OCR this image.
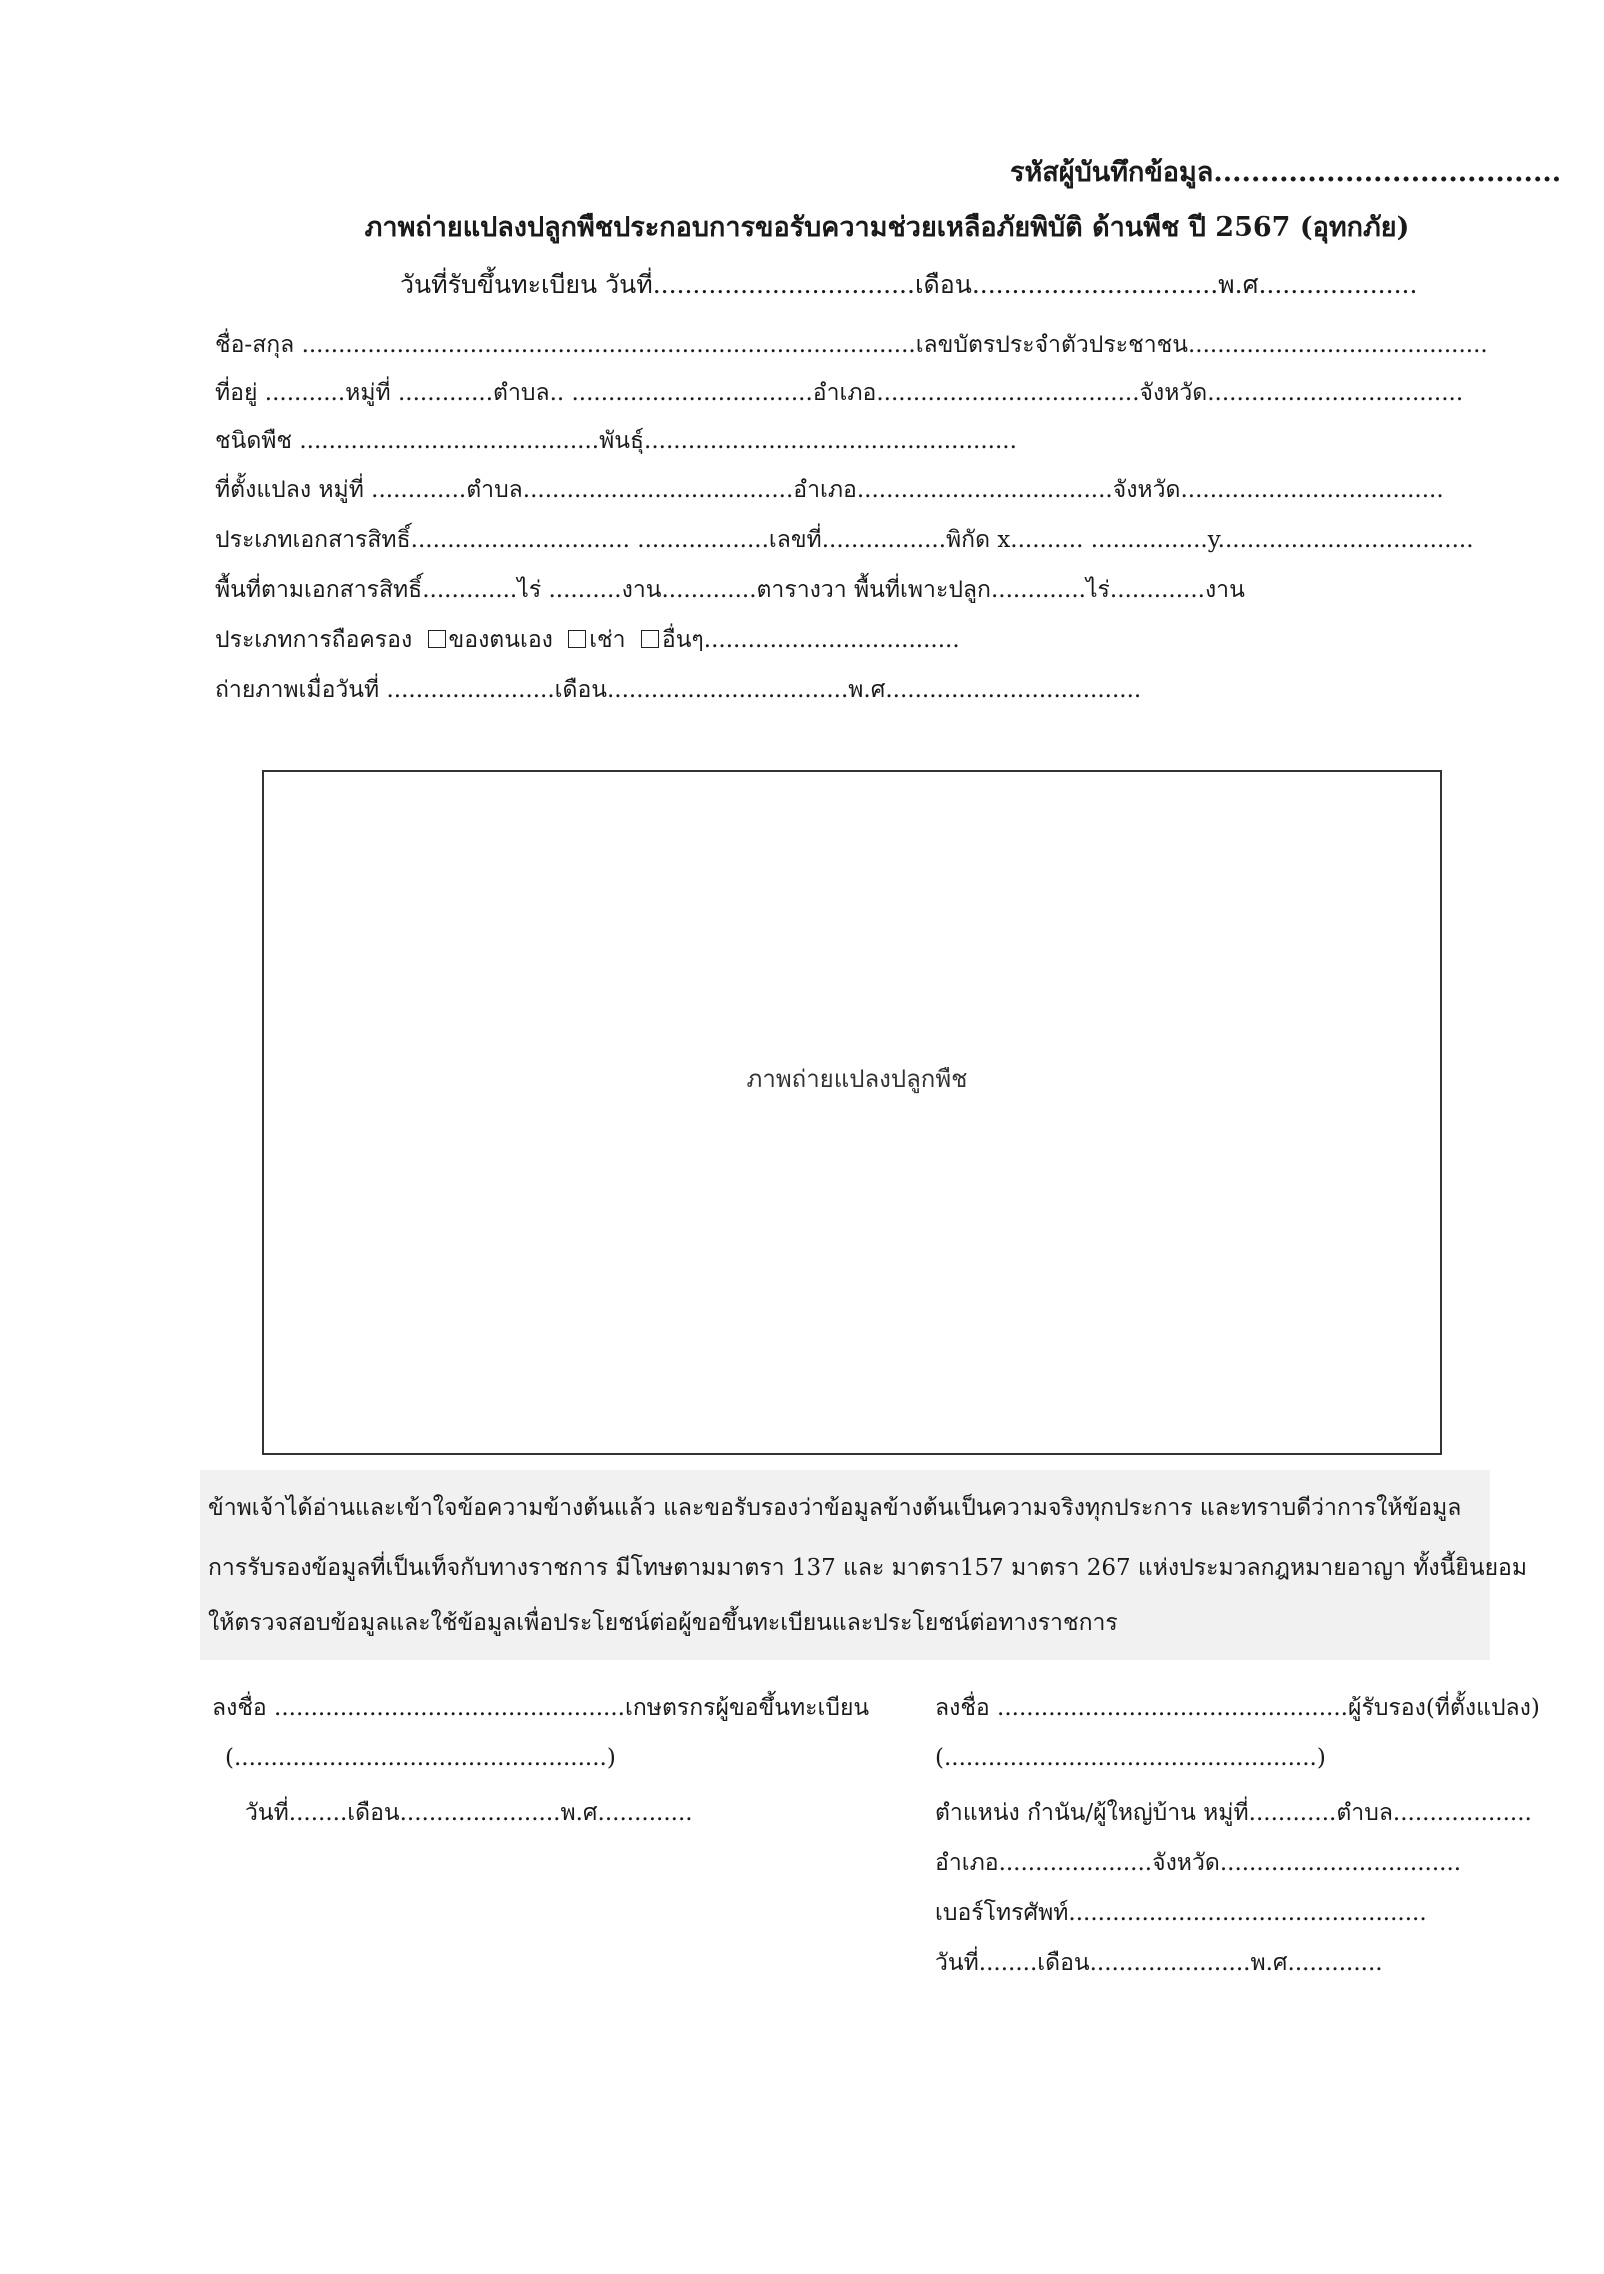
รหัสผู้บันทึกข้อมูล.....................................
ภาพถ่ายแปลงปลูกพืชประกอบการขอรับความช่วยเหลือภัยพิบัติ ด้านพืช ปี 2567 (อุทกภัย)
วันที่รับขึ้นทะเบียน วันที่.................................เดือน...............................พ.ศ....................
ชื่อ-สกุล ....................................................................................เลขบัตรประจำตัวประชาชน.........................................
ที่อยู่ ...........หมู่ที่ .............ตำบล.. .................................อำเภอ....................................จังหวัด...................................
ชนิดพืช .........................................พันธุ์...................................................
ที่ตั้งแปลง หมู่ที่ .............ตำบล.....................................อำเภอ...................................จังหวัด....................................
ประเภทเอกสารสิทธิ์.............................. ..................เลขที่.................พิกัด x.......... ................y...................................
พื้นที่ตามเอกสารสิทธิ์.............ไร่ ..........งาน.............ตารางวา พื้นที่เพาะปลูก.............ไร่.............งาน
ประเภทการถือครอง ของตนเอง เช่า อื่นๆ...................................
ถ่ายภาพเมื่อวันที่ .......................เดือน.................................พ.ศ...................................
ภาพถ่ายแปลงปลูกพืช
ข้าพเจ้าได้อ่านและเข้าใจข้อความข้างต้นแล้ว และขอรับรองว่าข้อมูลข้างต้นเป็นความจริงทุกประการ และทราบดีว่าการให้ข้อมูล
การรับรองข้อมูลที่เป็นเท็จกับทางราชการ มีโทษตามมาตรา 137 และ มาตรา157 มาตรา 267 แห่งประมวลกฎหมายอาญา ทั้งนี้ยินยอม
ให้ตรวจสอบข้อมูลและใช้ข้อมูลเพื่อประโยชน์ต่อผู้ขอขึ้นทะเบียนและประโยชน์ต่อทางราชการ
ลงชื่อ ................................................เกษตรกรผู้ขอขึ้นทะเบียน
(...................................................)
วันที่........เดือน......................พ.ศ.............
ลงชื่อ ................................................ผู้รับรอง(ที่ตั้งแปลง)
(...................................................)
ตำแหน่ง กำนัน/ผู้ใหญ่บ้าน หมู่ที่............ตำบล...................
อำเภอ.....................จังหวัด.................................
เบอร์โทรศัพท์.................................................
วันที่........เดือน......................พ.ศ.............
